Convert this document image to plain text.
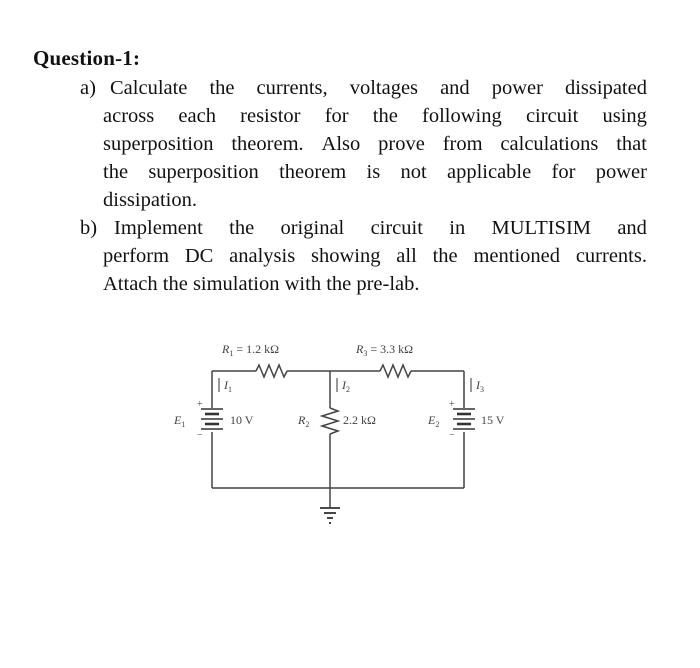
Question-1:
a) Calculate the currents, voltages and power dissipated
across each resistor for the following circuit using
superposition theorem. Also prove from calculations that
the superposition theorem is not applicable for power
dissipation.
b) Implement the original circuit in MULTISIM and
perform DC analysis showing all the mentioned currents.
Attach the simulation with the pre-lab.
$R_1 = 1.2$ kΩ	$R_3 = 3.3$ kΩ
$I_1$	$I_2$	$I_3$
$E_1$	10 V
+
−
$R_2$	2.2 kΩ	$E_2$	15 V
+
−
